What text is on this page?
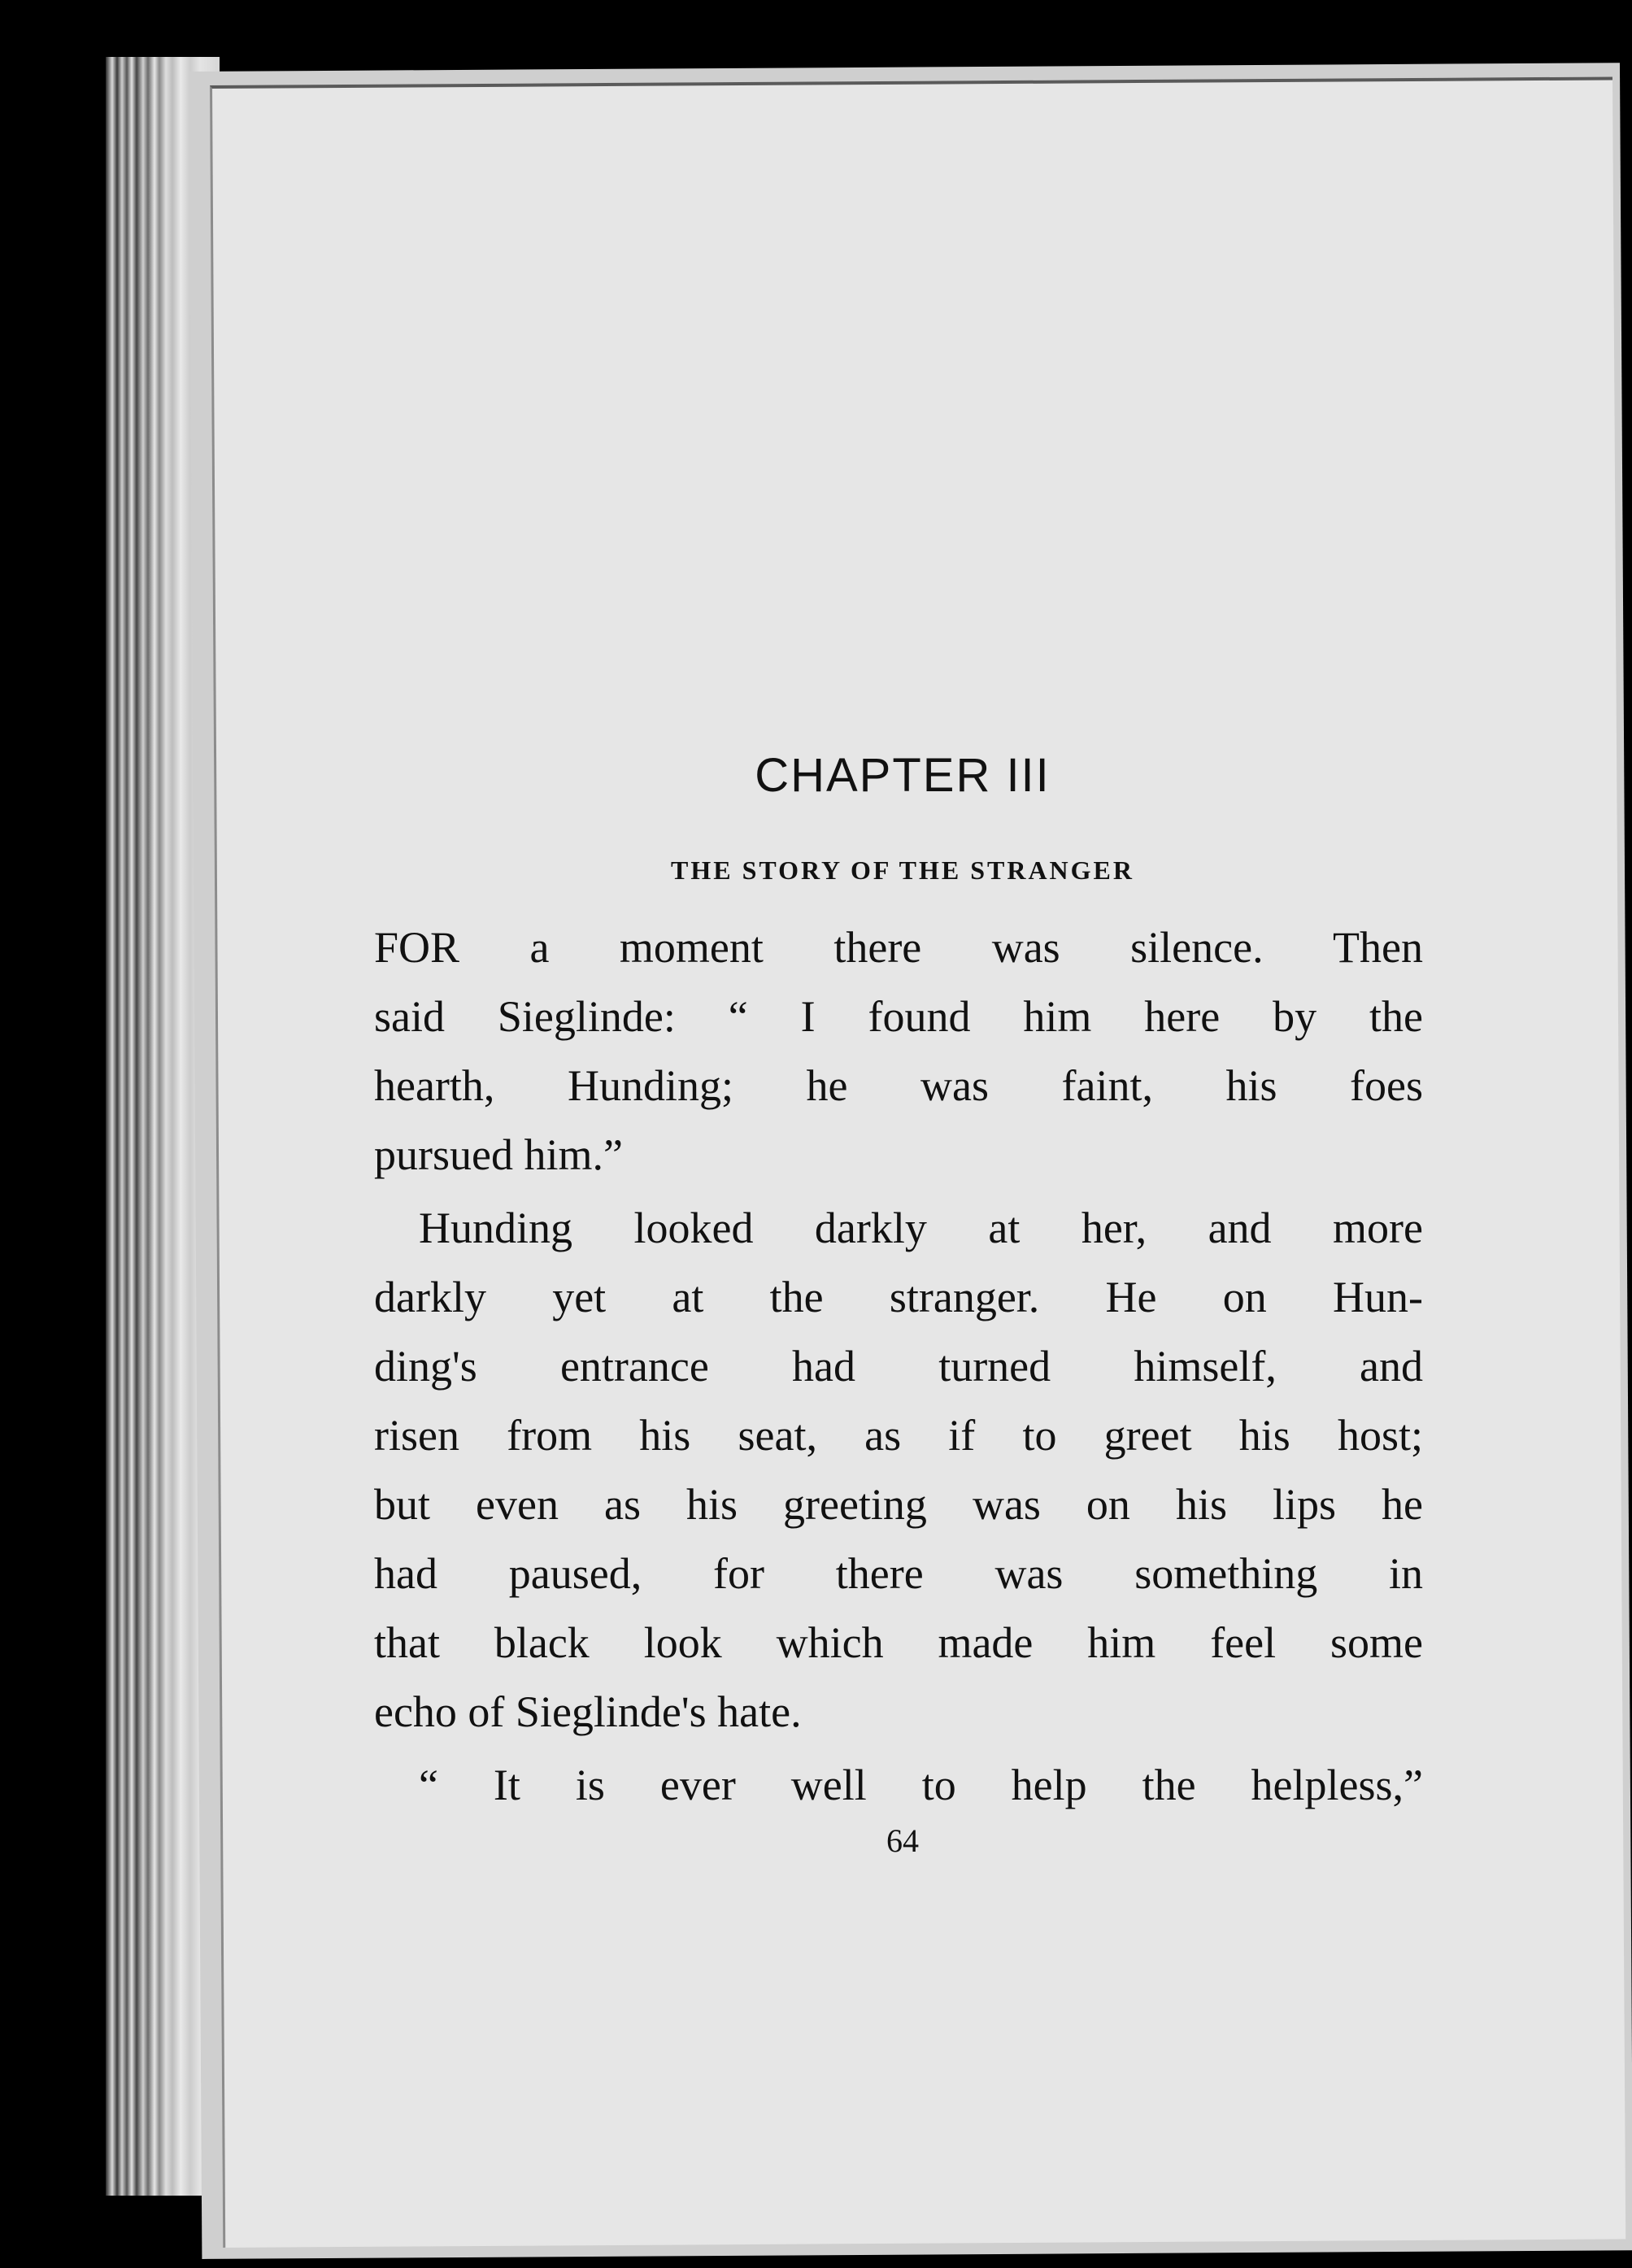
CHAPTER III
THE STORY OF THE STRANGER
FOR a moment there was silence. Then
said Sieglinde: “ I found him here by the
hearth, Hunding; he was faint, his foes
pursued him.”
Hunding looked darkly at her, and more
darkly yet at the stranger. He on Hun-
ding's entrance had turned himself, and
risen from his seat, as if to greet his host;
but even as his greeting was on his lips he
had paused, for there was something in
that black look which made him feel some
echo of Sieglinde's hate.
“ It is ever well to help the helpless,”
64
